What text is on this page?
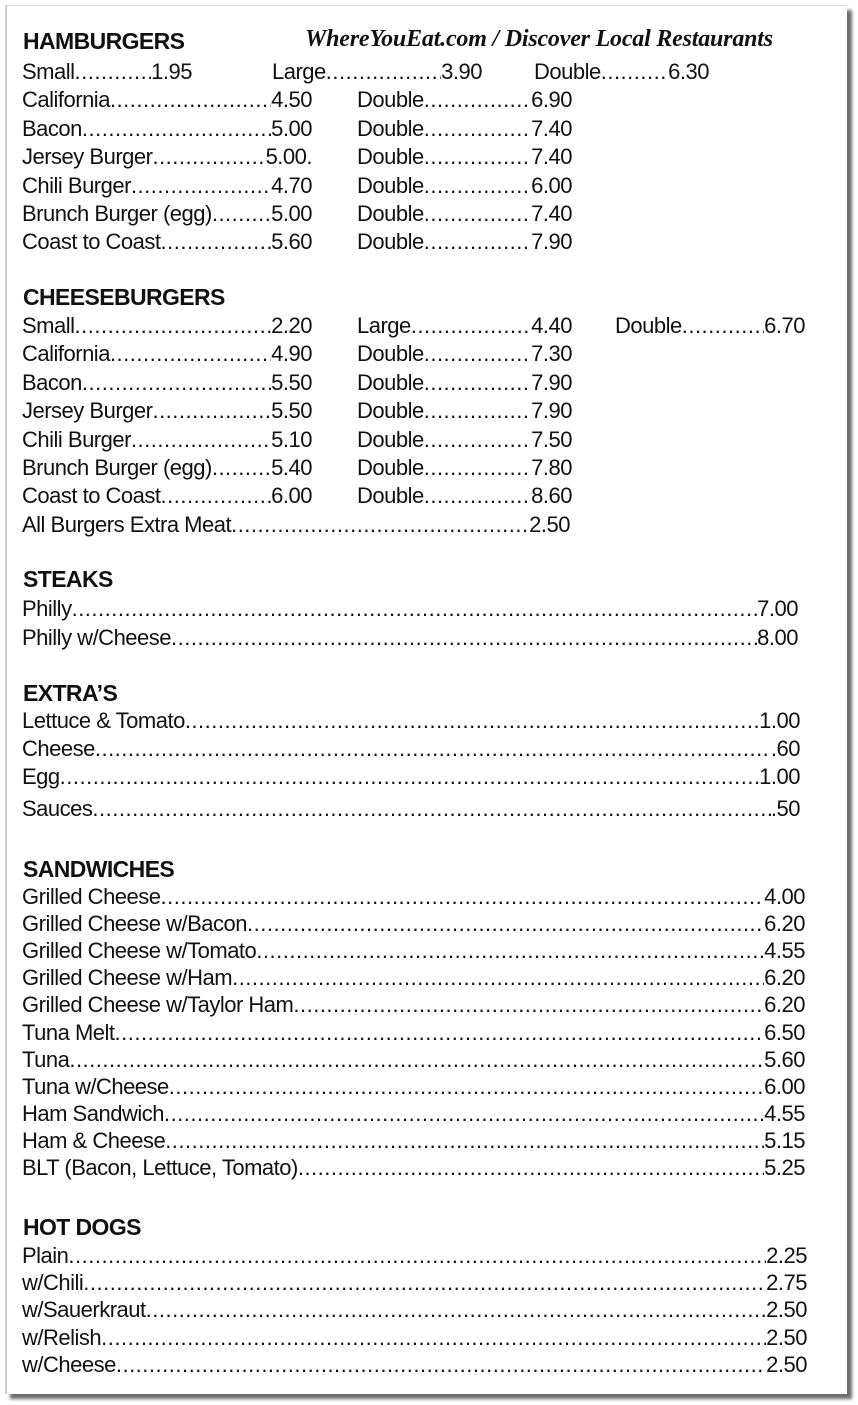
WhereYouEat.com / Discover Local Restaurants
HAMBURGERS
Small .....	1.95	Large .....	3.90 Double .....	6.30
California .....	4.50 Double .....	6.90
Bacon .....	5.00 Double .....	7.40
Jersey Burger .....	5.00. Double .....	7.40
Chili Burger .....	4.70 Double .....	6.00
Brunch Burger (egg) .....	5.00 Double .....	7.40
Coast to Coast .....	5.60 Double .....	7.90
CHEESEBURGERS
Small .....	2.20 Large .....	4.40 Double .....	6.70
California .....	4.90 Double .....	7.30
Bacon .....	5.50 Double .....	7.90
Jersey Burger .....	5.50 Double .....	7.90
Chili Burger .....	5.10 Double .....	7.50
Brunch Burger (egg) .....	5.40 Double .....	7.80
Coast to Coast .....	6.00 Double .....	8.60
All Burgers Extra Meat .....	2.50
STEAKS
Philly .....	7.00
Philly w/Cheese .....	8.00
EXTRA’S
Lettuce & Tomato .....	1.00
Cheese .....	.60
Egg .....	1.00
Sauces .....	.50
SANDWICHES
Grilled Cheese .....	4.00
Grilled Cheese w/Bacon .....	6.20
Grilled Cheese w/Tomato .....	4.55
Grilled Cheese w/Ham .....	6.20
Grilled Cheese w/Taylor Ham .....	6.20
Tuna Melt .....	6.50
Tuna .....	5.60
Tuna w/Cheese .....	6.00
Ham Sandwich .....	4.55
Ham & Cheese .....	5.15
BLT (Bacon, Lettuce, Tomato) .....	5.25
HOT DOGS
Plain .....	2.25
w/Chili .....	2.75
w/Sauerkraut .....	2.50
w/Relish .....	2.50
w/Cheese .....	2.50
